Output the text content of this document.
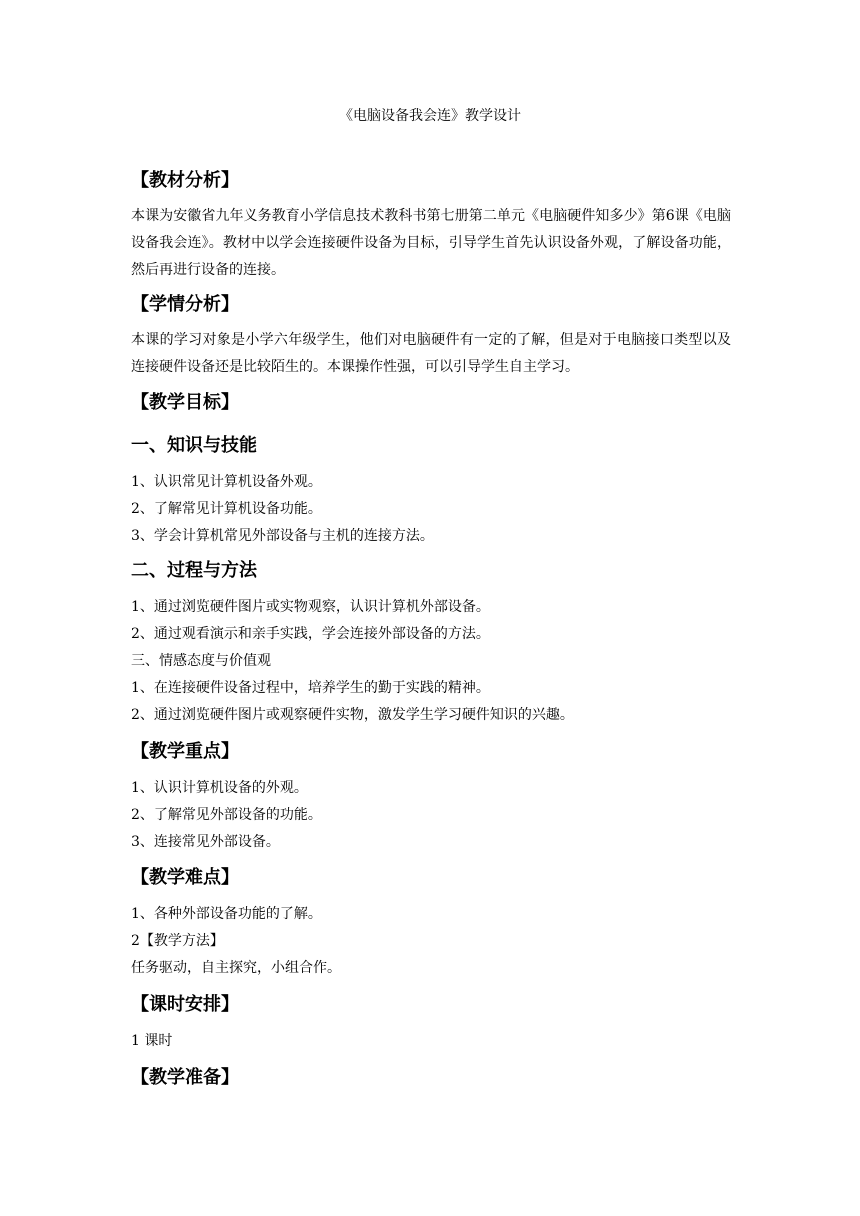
《电脑设备我会连》教学设计
【教材分析】
本课为安徽省九年义务教育小学信息技术教科书第七册第二单元《电脑硬件知多少》第6课《电脑设备我会连》。教材中以学会连接硬件设备为目标，引导学生首先认识设备外观，了解设备功能，然后再进行设备的连接。
【学情分析】
本课的学习对象是小学六年级学生，他们对电脑硬件有一定的了解，但是对于电脑接口类型以及连接硬件设备还是比较陌生的。本课操作性强，可以引导学生自主学习。
【教学目标】
一、知识与技能
1、认识常见计算机设备外观。
2、了解常见计算机设备功能。
3、学会计算机常见外部设备与主机的连接方法。
二、过程与方法
1、通过浏览硬件图片或实物观察，认识计算机外部设备。
2、通过观看演示和亲手实践，学会连接外部设备的方法。
三、情感态度与价值观
1、在连接硬件设备过程中，培养学生的勤于实践的精神。
2、通过浏览硬件图片或观察硬件实物，激发学生学习硬件知识的兴趣。
【教学重点】
1、认识计算机设备的外观。
2、了解常见外部设备的功能。
3、连接常见外部设备。
【教学难点】
1、各种外部设备功能的了解。
2【教学方法】
任务驱动，自主探究，小组合作。
【课时安排】
1 课时
【教学准备】
